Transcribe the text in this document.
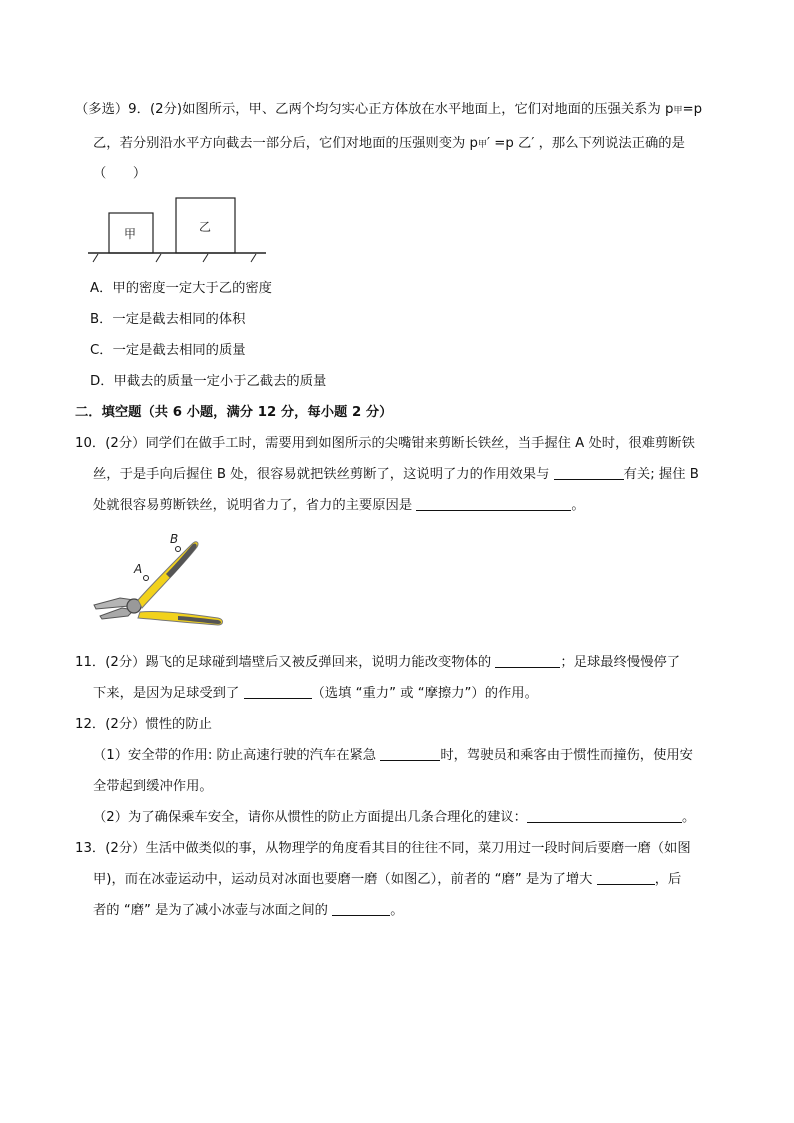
（多选）9．(2分)如图所示，甲、乙两个均匀实心正方体放在水平地面上，它们对地面的压强关系为 p甲=p
乙，若分别沿水平方向截去一部分后，它们对地面的压强则变为 p甲′ =p 乙′ ，那么下列说法正确的是
（　　）
甲	乙
A．甲的密度一定大于乙的密度
B．一定是截去相同的体积
C．一定是截去相同的质量
D．甲截去的质量一定小于乙截去的质量
二．填空题（共 6 小题，满分 12 分，每小题 2 分）
10．(2分）同学们在做手工时，需要用到如图所示的尖嘴钳来剪断长铁丝，当手握住 A 处时，很难剪断铁
丝，于是手向后握住 B 处，很容易就把铁丝剪断了，这说明了力的作用效果与	有关; 握住 B
处就很容易剪断铁丝，说明省力了，省力的主要原因是	。
A
B
11．(2分）踢飞的足球碰到墙壁后又被反弹回来，说明力能改变物体的	；足球最终慢慢停了
下来，是因为足球受到了	（选填 “重力” 或 “摩擦力”）的作用。
12．(2分）惯性的防止
（1）安全带的作用: 防止高速行驶的汽车在紧急	时，驾驶员和乘客由于惯性而撞伤，使用安
全带起到缓冲作用。
（2）为了确保乘车安全，请你从惯性的防止方面提出几条合理化的建议：	。
13．(2分）生活中做类似的事，从物理学的角度看其目的往往不同，菜刀用过一段时间后要磨一磨（如图
甲)，而在冰壶运动中，运动员对冰面也要磨一磨（如图乙），前者的 “磨” 是为了增大	，后
者的 “磨” 是为了减小冰壶与冰面之间的	。
